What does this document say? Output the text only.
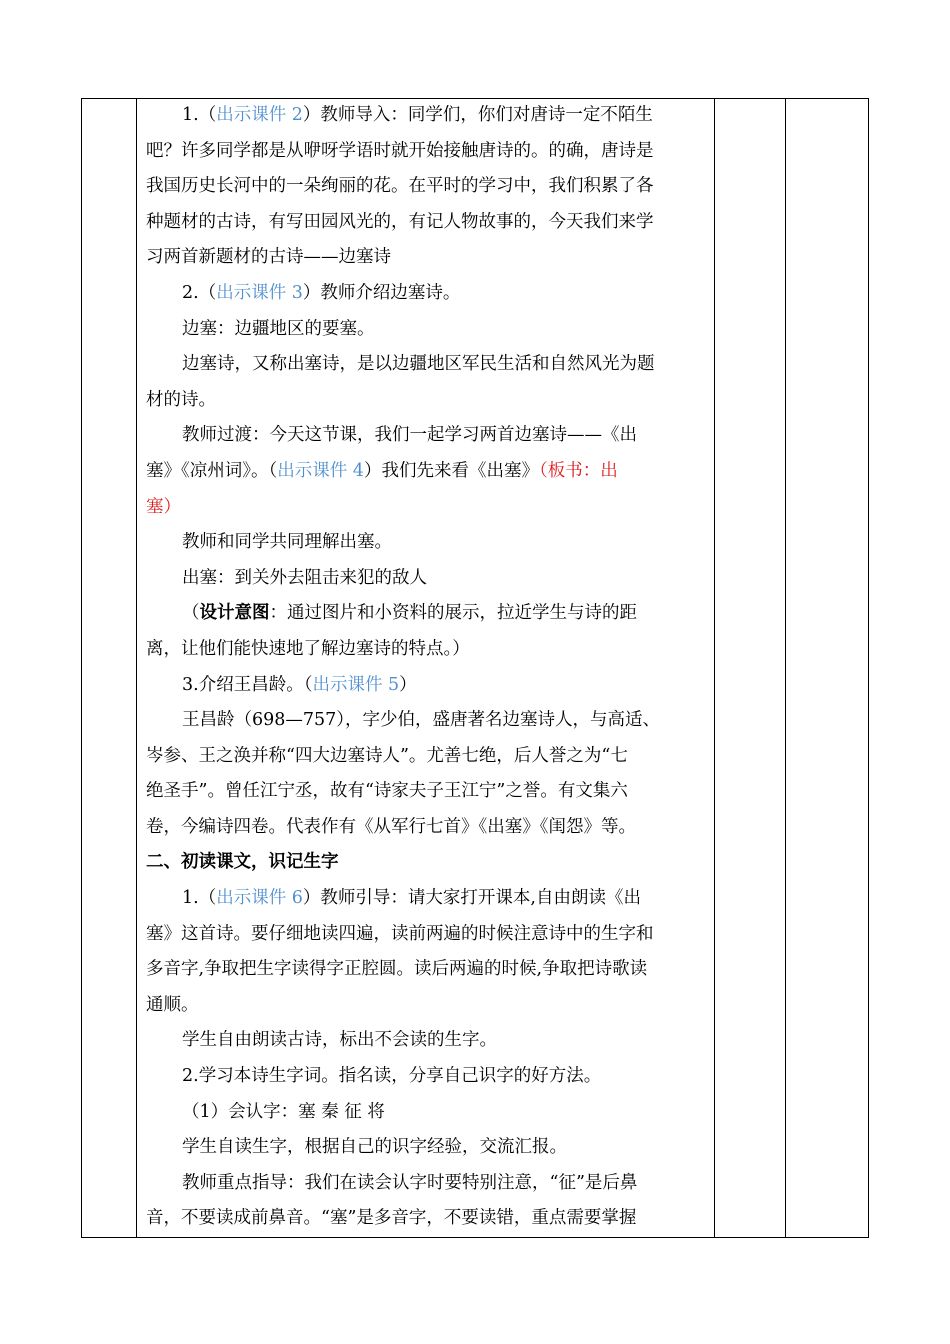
1.（出示课件 2）教师导入：同学们，你们对唐诗一定不陌生

吧？许多同学都是从咿呀学语时就开始接触唐诗的。的确，唐诗是

我国历史长河中的一朵绚丽的花。在平时的学习中，我们积累了各

种题材的古诗，有写田园风光的，有记人物故事的，今天我们来学

习两首新题材的古诗——边塞诗

2.（出示课件 3）教师介绍边塞诗。

边塞：边疆地区的要塞。

边塞诗，又称出塞诗，是以边疆地区军民生活和自然风光为题

材的诗。

教师过渡：今天这节课，我们一起学习两首边塞诗——《出

塞》《凉州词》。（出示课件 4）我们先来看《出塞》（板书：出

塞）

教师和同学共同理解出塞。

出塞：到关外去阻击来犯的敌人

（设计意图：通过图片和小资料的展示，拉近学生与诗的距

离，让他们能快速地了解边塞诗的特点。）

3.介绍王昌龄。（出示课件 5）

王昌龄（698—757），字少伯，盛唐著名边塞诗人，与高适、

岑参、王之涣并称“四大边塞诗人”。尤善七绝，后人誉之为“七

绝圣手”。曾任江宁丞，故有“诗家夫子王江宁”之誉。有文集六

卷，今编诗四卷。代表作有《从军行七首》《出塞》《闺怨》等。

二、初读课文，识记生字

1.（出示课件 6）教师引导：请大家打开课本,自由朗读《出

塞》这首诗。要仔细地读四遍，读前两遍的时候注意诗中的生字和

多音字,争取把生字读得字正腔圆。读后两遍的时候,争取把诗歌读

通顺。

学生自由朗读古诗，标出不会读的生字。

2.学习本诗生字词。指名读，分享自己识字的好方法。

（1）会认字：塞 秦 征 将

学生自读生字，根据自己的识字经验，交流汇报。

教师重点指导：我们在读会认字时要特别注意，“征”是后鼻

音，不要读成前鼻音。“塞”是多音字，不要读错，重点需要掌握
